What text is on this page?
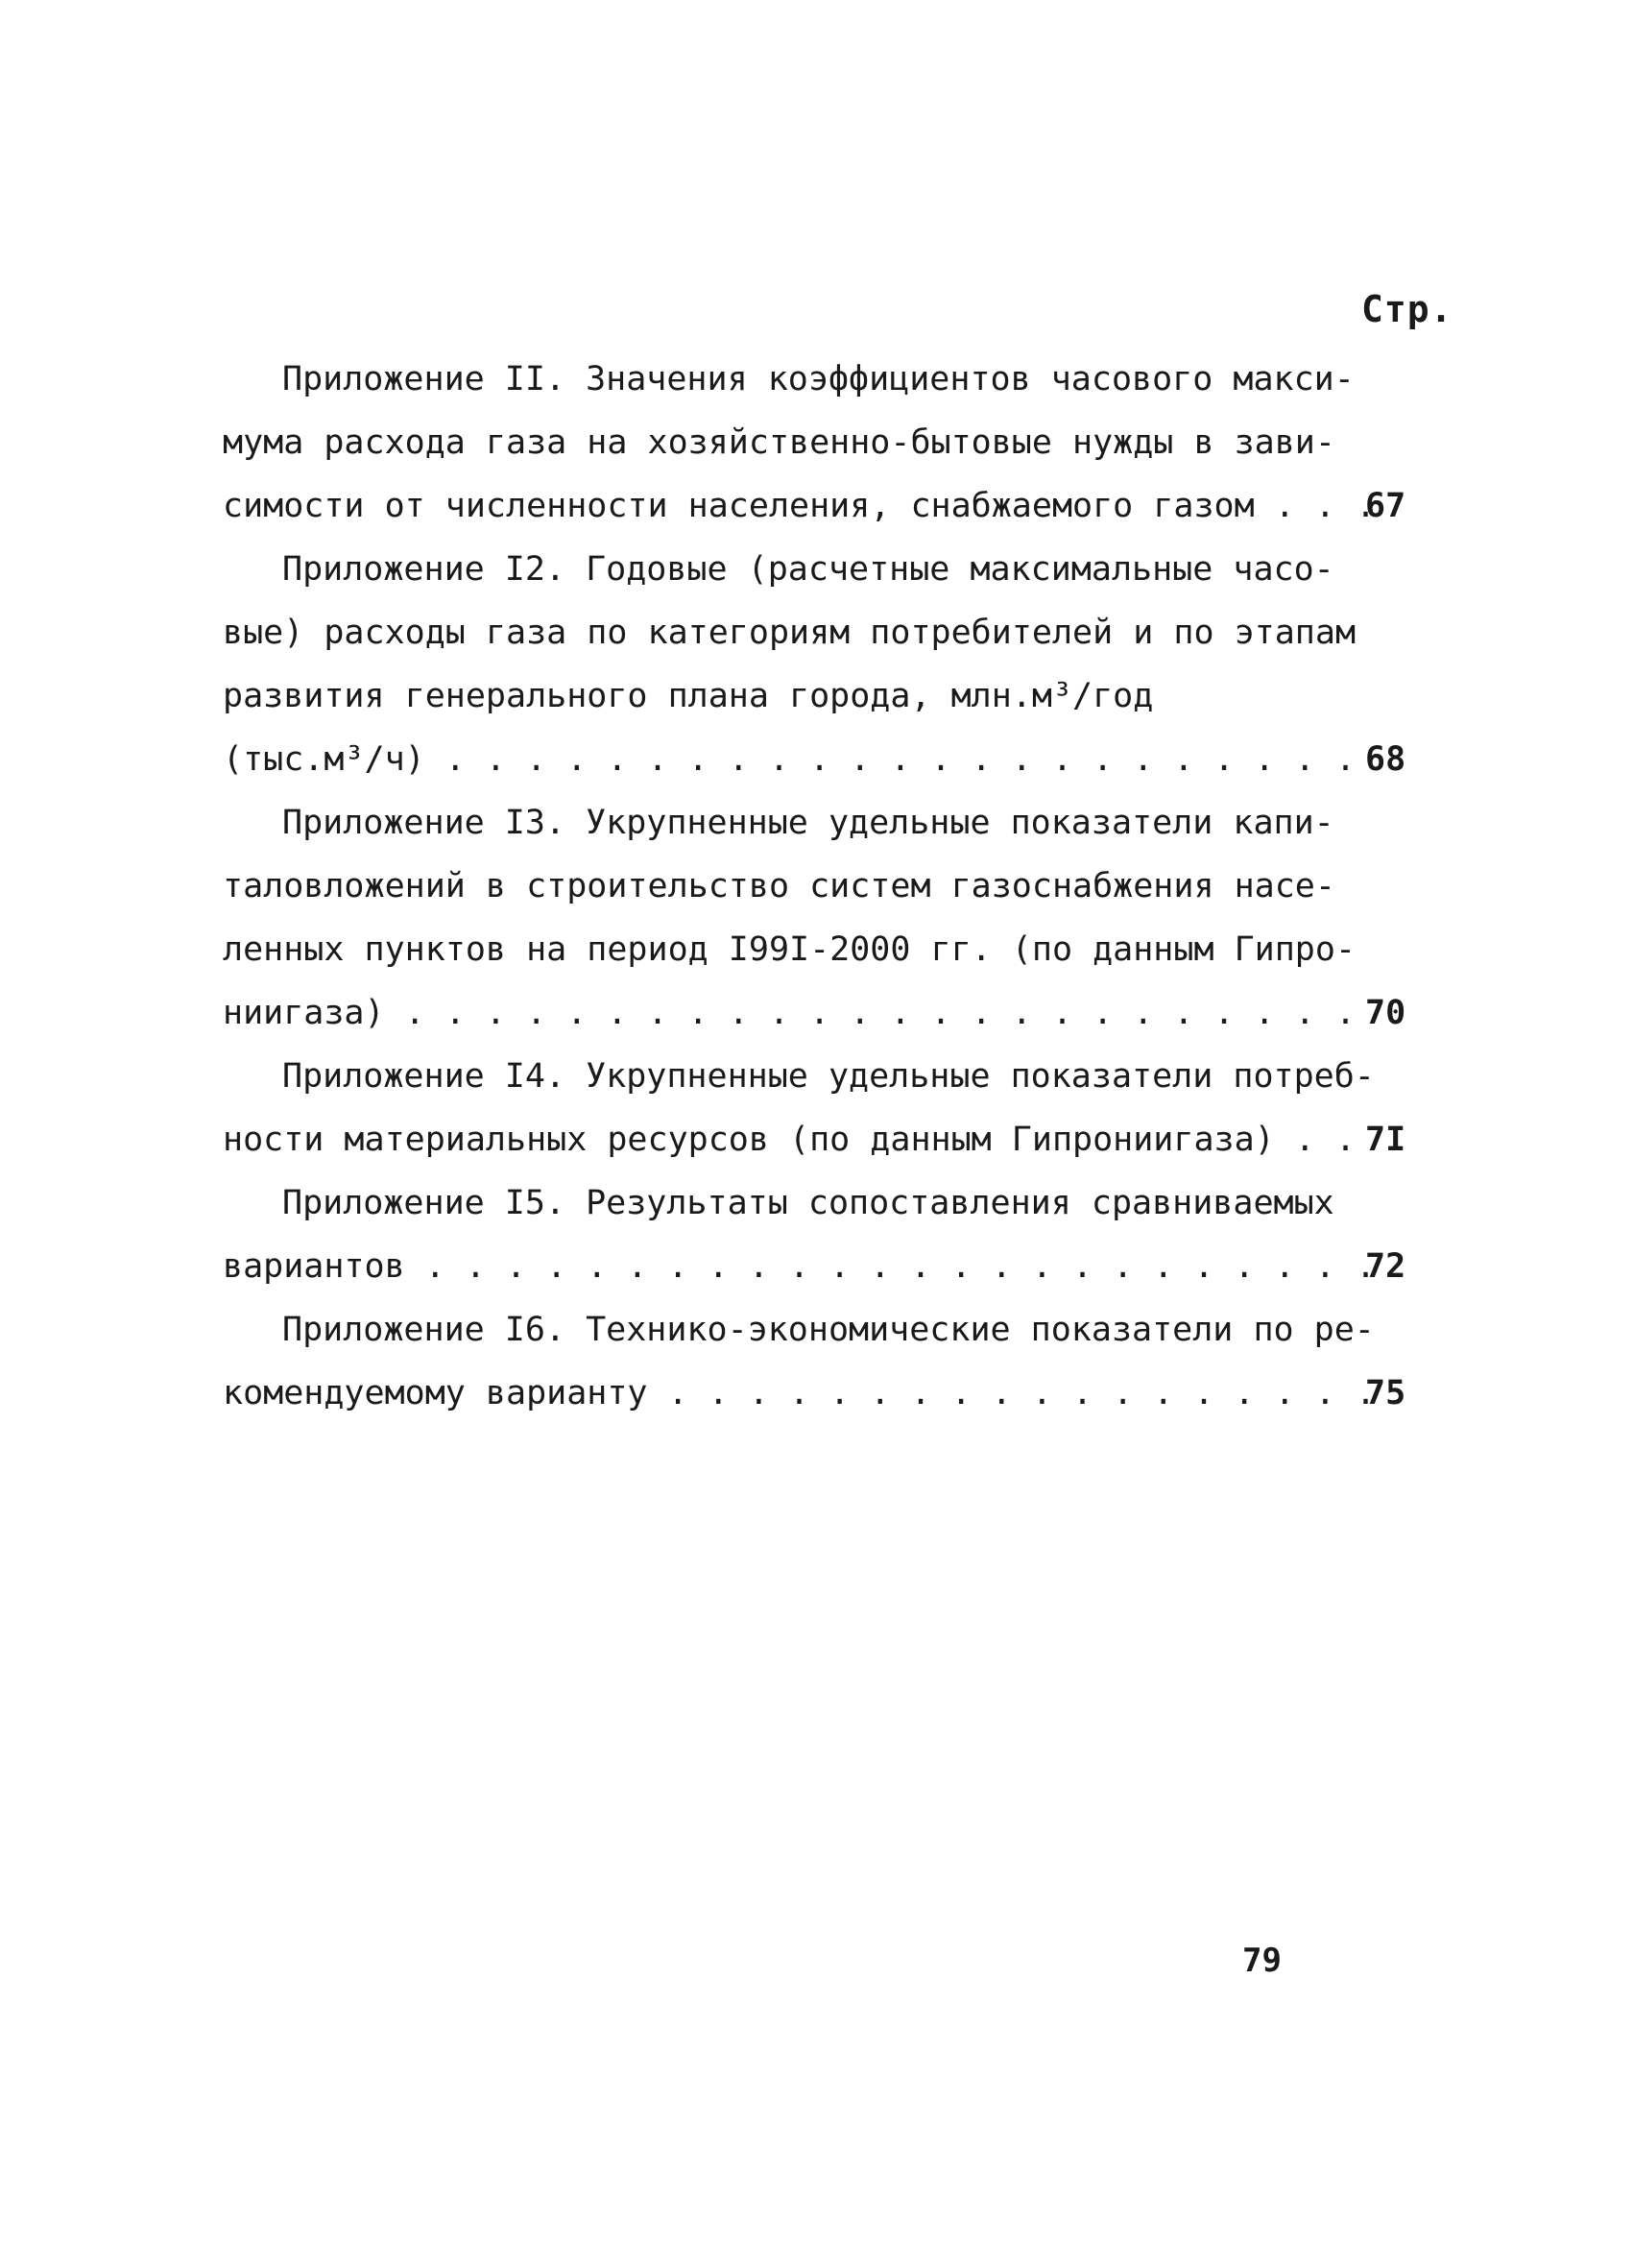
Стр.
Приложение II. Значения коэффициентов часового макси-
мума расхода газа на хозяйственно-бытовые нужды в зави-
симости от численности населения, снабжаемого газом . . .
67
Приложение I2. Годовые (расчетные максимальные часо-
вые) расходы газа по категориям потребителей и по этапам
развития генерального плана города, млн.м³/год
(тыс.м³/ч) . . . . . . . . . . . . . . . . . . . . . . . 68
Приложение I3. Укрупненные удельные показатели капи-
таловложений в строительство систем газоснабжения насе-
ленных пунктов на период I99I-2000 гг. (по данным Гипро-
ниигаза) . . . . . . . . . . . . . . . . . . . . . . . . 70
Приложение I4. Укрупненные удельные показатели потреб-
ности материальных ресурсов (по данным Гипрониигаза) . . 7I
Приложение I5. Результаты сопоставления сравниваемых
вариантов . . . . . . . . . . . . . . . . . . . . . . . .
72
Приложение I6. Технико-экономические показатели по ре-
комендуемому варианту . . . . . . . . . . . . . . . . . .
75
79
